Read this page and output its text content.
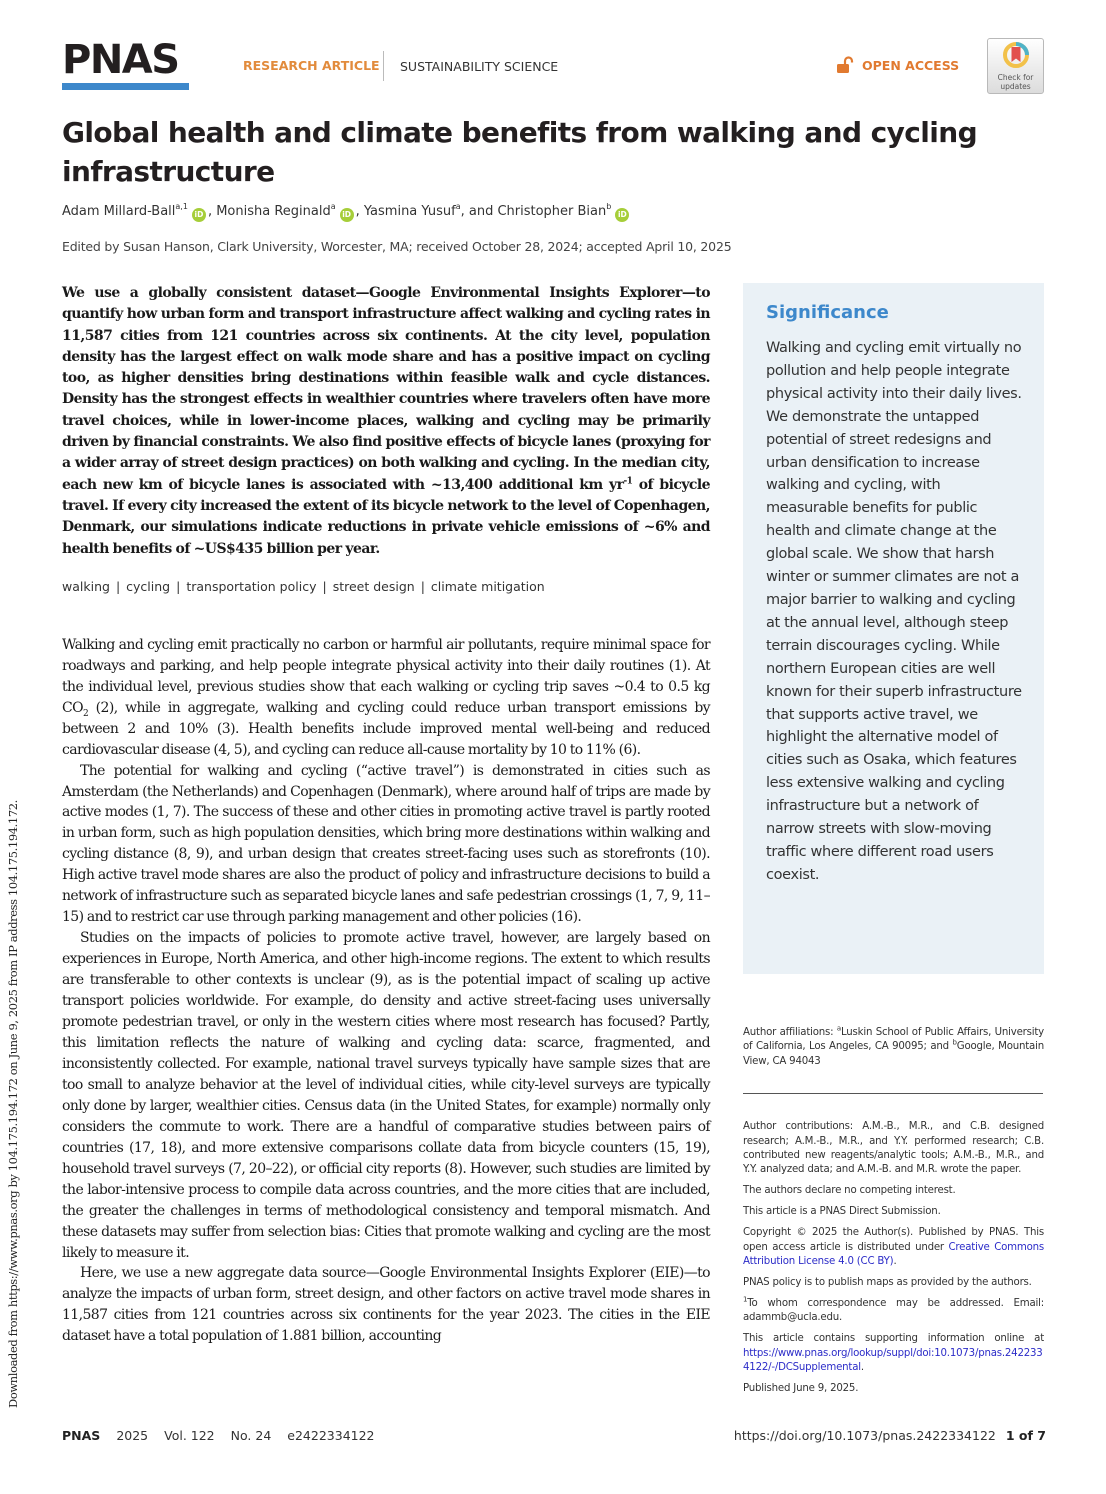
PNAS	RESEARCH ARTICLE SUSTAINABILITY SCIENCE	OPEN ACCESS
Check for
updates
Global health and climate benefits from walking and cycling infrastructure
Adam Millard-Ball$^{a,1}$iD , Monisha Reginald$^a$iD , Yasmina Yusuf$^a$, and Christopher Bian$^b$iD
Edited by Susan Hanson, Clark University, Worcester, MA; received October 28, 2024; accepted April 10, 2025
We use a globally consistent dataset—Google Environmental Insights Explorer—to quantify how urban form and transport infrastructure affect walking and cycling rates in 11,587 cities from 121 countries across six continents. At the city level, population density has the largest effect on walk mode share and has a positive impact on cycling too, as higher densities bring destinations within feasible walk and cycle distances. Density has the strongest effects in wealthier countries where travelers often have more travel choices, while in lower-income places, walking and cycling may be primarily driven by financial constraints. We also find positive effects of bicycle lanes (proxying for a wider array of street design practices) on both walking and cycling. In the median city, each new km of bicycle lanes is associated with ~13,400 additional km $yr^{-1}$ of bicycle travel. If every city increased the extent of its bicycle network to the level of Copenhagen, Denmark, our simulations indicate reductions in private vehicle emissions of ~6% and health benefits of ~US$435 billion per year.
walking | cycling | transportation policy | street design | climate mitigation

Walking and cycling emit practically no carbon or harmful air pollutants, require minimal space for roadways and parking, and help people integrate physical activity into their daily routines (1). At the individual level, previous studies show that each walking or cycling trip saves ~0.4 to 0.5 kg $CO_2$ (2), while in aggregate, walking and cycling could reduce urban transport emissions by between 2 and 10% (3). Health benefits include improved mental well-being and reduced cardiovascular disease (4, 5), and cycling can reduce all-cause mortality by 10 to 11% (6).

The potential for walking and cycling (“active travel”) is demonstrated in cities such as Amsterdam (the Netherlands) and Copenhagen (Denmark), where around half of trips are made by active modes (1, 7). The success of these and other cities in promoting active travel is partly rooted in urban form, such as high population densities, which bring more destinations within walking and cycling distance (8, 9), and urban design that creates street-facing uses such as storefronts (10). High active travel mode shares are also the product of policy and infrastructure decisions to build a network of infrastructure such as separated bicycle lanes and safe pedestrian crossings (1, 7, 9, 11–15) and to restrict car use through parking management and other policies (16).

Studies on the impacts of policies to promote active travel, however, are largely based on experiences in Europe, North America, and other high-income regions. The extent to which results are transferable to other contexts is unclear (9), as is the potential impact of scaling up active transport policies worldwide. For example, do density and active street-facing uses universally promote pedestrian travel, or only in the western cities where most research has focused? Partly, this limitation reflects the nature of walking and cycling data: scarce, fragmented, and inconsistently collected. For example, national travel surveys typically have sample sizes that are too small to analyze behavior at the level of individual cities, while city-level surveys are typically only done by larger, wealthier cities. Census data (in the United States, for example) normally only considers the commute to work. There are a handful of comparative studies between pairs of countries (17, 18), and more extensive comparisons collate data from bicycle counters (15, 19), household travel surveys (7, 20–22), or official city reports (8). However, such studies are limited by the labor-intensive process to compile data across countries, and the more cities that are included, the greater the challenges in terms of methodological consistency and temporal mismatch. And these datasets may suffer from selection bias: Cities that promote walking and cycling are the most likely to measure it.

Here, we use a new aggregate data source—Google Environmental Insights Explorer (EIE)—to analyze the impacts of urban form, street design, and other factors on active travel mode shares in 11,587 cities from 121 countries across six continents for the year 2023. The cities in the EIE dataset have a total population of 1.881 billion, accounting

Significance
Walking and cycling emit virtually no pollution and help people integrate physical activity into their daily lives. We demonstrate the untapped potential of street redesigns and urban densification to increase walking and cycling, with measurable benefits for public health and climate change at the global scale. We show that harsh winter or summer climates are not a major barrier to walking and cycling at the annual level, although steep terrain discourages cycling. While northern European cities are well known for their superb infrastructure that supports active travel, we highlight the alternative model of cities such as Osaka, which features less extensive walking and cycling infrastructure but a network of narrow streets with slow-moving traffic where different road users coexist.

Author affiliations: $^a$Luskin School of Public Affairs, University of California, Los Angeles, CA 90095; and $^b$Google, Mountain View, CA 94043

Author contributions: A.M.-B., M.R., and C.B. designed research; A.M.-B., M.R., and Y.Y. performed research; C.B. contributed new reagents/analytic tools; A.M.-B., M.R., and Y.Y. analyzed data; and A.M.-B. and M.R. wrote the paper.

The authors declare no competing interest.

This article is a PNAS Direct Submission.

Copyright © 2025 the Author(s). Published by PNAS. This open access article is distributed under Creative Commons Attribution License 4.0 (CC BY).

PNAS policy is to publish maps as provided by the authors.

$^1$To whom correspondence may be addressed. Email: adammb@ucla.edu.

This article contains supporting information online at https://www.pnas.org/lookup/suppl/doi:10.1073/pnas.2422334122/-/DCSupplemental.

Published June 9, 2025.

PNAS 2025 Vol. 122 No. 24 e2422334122	https://doi.org/10.1073/pnas.2422334122 1 of 7
Downloaded from https://www.pnas.org by 104.175.194.172 on June 9, 2025 from IP address 104.175.194.172.
